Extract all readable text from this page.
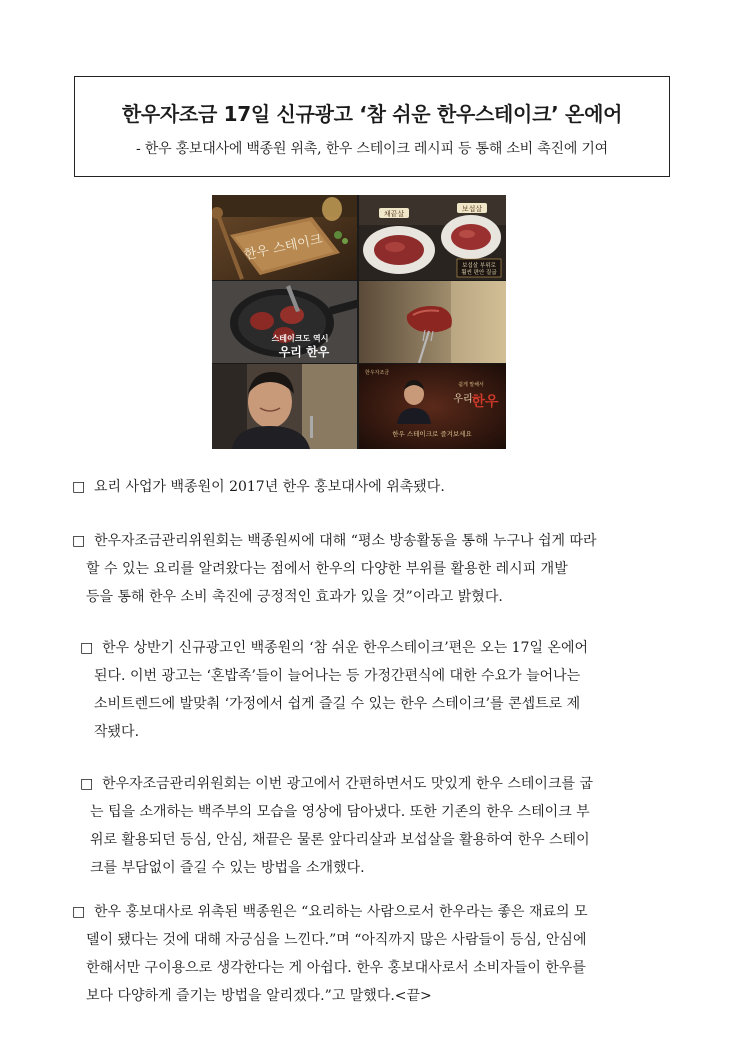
한우자조금 17일 신규광고 ‘참 쉬운 한우스테이크’ 온에어
- 한우 홍보대사에 백종원 위촉, 한우 스테이크 레시피 등 통해 소비 촉진에 기여
한우 스테이크
채끝살
보섭살
보섭살 부위로
훨씬 편안 질굽
스테이크도 역시
우리 한우
한우자조금
쉽게 말해서
우리
한우
한우 스테이크로 즐겨보세요
□ 요리 사업가 백종원이 2017년 한우 홍보대사에 위촉됐다.
□ 한우자조금관리위원회는 백종원씨에 대해 “평소 방송활동을 통해 누구나 쉽게 따라
할 수 있는 요리를 알려왔다는 점에서 한우의 다양한 부위를 활용한 레시피 개발
등을 통해 한우 소비 촉진에 긍정적인 효과가 있을 것”이라고 밝혔다.
□ 한우 상반기 신규광고인 백종원의 ‘참 쉬운 한우스테이크’편은 오는 17일 온에어
된다. 이번 광고는 ‘혼밥족’들이 늘어나는 등 가정간편식에 대한 수요가 늘어나는
소비트렌드에 발맞춰 ‘가정에서 쉽게 즐길 수 있는 한우 스테이크’를 콘셉트로 제
작됐다.
□ 한우자조금관리위원회는 이번 광고에서 간편하면서도 맛있게 한우 스테이크를 굽
는 팁을 소개하는 백주부의 모습을 영상에 담아냈다. 또한 기존의 한우 스테이크 부
위로 활용되던 등심, 안심, 채끝은 물론 앞다리살과 보섭살을 활용하여 한우 스테이
크를 부담없이 즐길 수 있는 방법을 소개했다.
□ 한우 홍보대사로 위촉된 백종원은 “요리하는 사람으로서 한우라는 좋은 재료의 모
델이 됐다는 것에 대해 자긍심을 느낀다.”며 “아직까지 많은 사람들이 등심, 안심에
한해서만 구이용으로 생각한다는 게 아쉽다. 한우 홍보대사로서 소비자들이 한우를
보다 다양하게 즐기는 방법을 알리겠다.”고 말했다.<끝>
